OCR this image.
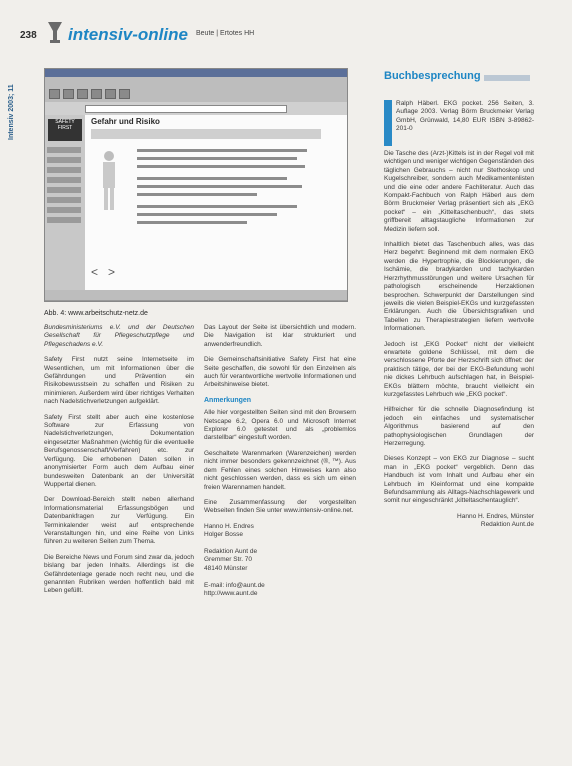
238 intensiv-online Beute | Ertotes HH
Intensiv 2003; 11	SAFETY
FIRST
Gefahr und Risiko
<   >
Abb. 4: www.arbeitschutz-netz.de
Buchbesprechung

Bundesministeriums e.V. und der Deutschen Gesellschaft für Pflegeschutzpflege und Pflegeschadens e.V.

Safety First nutzt seine Internetseite im Wesentlichen, um mit Informationen über die Gefährdungen und Prävention ein Risikobewusstsein zu schaffen und Risiken zu minimieren. Außerdem wird über richtiges Verhalten nach Nadelstichverletzungen aufgeklärt.

Safety First stellt aber auch eine kostenlose Software zur Erfassung von Nadelstichverletzungen, Dokumentation eingesetzter Maßnahmen (wichtig für die eventuelle Berufsgenossenschaft/Verfahren) etc. zur Verfügung. Die erhobenen Daten sollen in anonymisierter Form auch dem Aufbau einer bundesweiten Datenbank an der Universität Wuppertal dienen.

Der Download-Bereich stellt neben allerhand Informationsmaterial Erfassungsbögen und Datenbankfragen zur Verfügung. Ein Terminkalender weist auf entsprechende Veranstaltungen hin, und eine Reihe von Links führen zu weiteren Seiten zum Thema.

Die Bereiche News und Forum sind zwar da, jedoch bislang bar jeden Inhalts. Allerdings ist die Gefährdetenlage gerade noch recht neu, und die genannten Rubriken werden hoffentlich bald mit Leben gefüllt.

Das Layout der Seite ist übersichtlich und modern. Die Navigation ist klar strukturiert und anwenderfreundlich.

Die Gemeinschaftsinitiative Safety First hat eine Seite geschaffen, die sowohl für den Einzelnen als auch für verantwortliche wertvolle Informationen und Arbeitshinweise bietet.

Anmerkungen

Alle hier vorgestellten Seiten sind mit den Browsern Netscape 6.2, Opera 6.0 und Microsoft Internet Explorer 6.0 getestet und als „problemlos darstellbar“ eingestuft worden.

Geschaltete Warenmarken (Warenzeichen) werden nicht immer besonders gekennzeichnet (®, ™). Aus dem Fehlen eines solchen Hinweises kann also nicht geschlossen werden, dass es sich um einen freien Warennamen handelt.

Eine Zusammenfassung der vorgestellten Webseiten finden Sie unter www.intensiv-online.net.

Hanno H. Endres

Holger Bosse

Redaktion Aunt de

Gremmer Str. 70

48140 Münster

E-mail: info@aunt.de

http://www.aunt.de

Ralph Häberl. EKG pocket. 256 Seiten, 3. Auflage 2003. Verlag Börm Bruckmeier Verlag GmbH, Grünwald, 14,80 EUR ISBN 3-89862-201-0

Die Tasche des (Arzt-)Kittels ist in der Regel voll mit wichtigen und weniger wichtigen Gegenständen des täglichen Gebrauchs – nicht nur Stethoskop und Kugelschreiber, sondern auch Medikamentenlisten und die eine oder andere Fachliteratur. Auch das Kompakt-Fachbuch von Ralph Häberl aus dem Börm Bruckmeier Verlag präsentiert sich als „EKG pocket“ – ein „Kitteltaschenbuch“, das stets griffbereit alltagstaugliche Informationen zur Medizin liefern soll.

Inhaltlich bietet das Taschenbuch alles, was das Herz begehrt: Beginnend mit dem normalen EKG werden die Hypertrophie, die Blockierungen, die Ischämie, die bradykarden und tachykarden Herzrhythmusstörungen und weitere Ursachen für pathologisch erscheinende Herzaktionen besprochen. Schwerpunkt der Darstellungen sind jeweils die vielen Beispiel-EKGs und kurzgefassten Erklärungen. Auch die Übersichtsgrafiken und Tabellen zu Therapiestrategien liefern wertvolle Informationen.

Jedoch ist „EKG Pocket“ nicht der vielleicht erwartete goldene Schlüssel, mit dem die verschlossene Pforte der Herzschrift sich öffnet: der praktisch tätige, der bei der EKG-Befundung wohl nie dickes Lehrbuch aufschlagen hat, in Beispiel-EKGs blättern möchte, braucht vielleicht ein kurzgefasstes Lehrbuch wie „EKG pocket“.

Hilfreicher für die schnelle Diagnosefindung ist jedoch ein einfaches und systematischer Algorithmus basierend auf den pathophysiologischen Grundlagen der Herzerregung.

Dieses Konzept – von EKG zur Diagnose – sucht man in „EKG pocket“ vergeblich. Denn das Handbuch ist vom Inhalt und Aufbau eher ein Lehrbuch im Kleinformat und eine kompakte Befundsammlung als Alltags-Nachschlagewerk und somit nur eingeschränkt „kitteltaschentauglich“.

Hanno H. Endres, Münster

Redaktion Aunt.de
